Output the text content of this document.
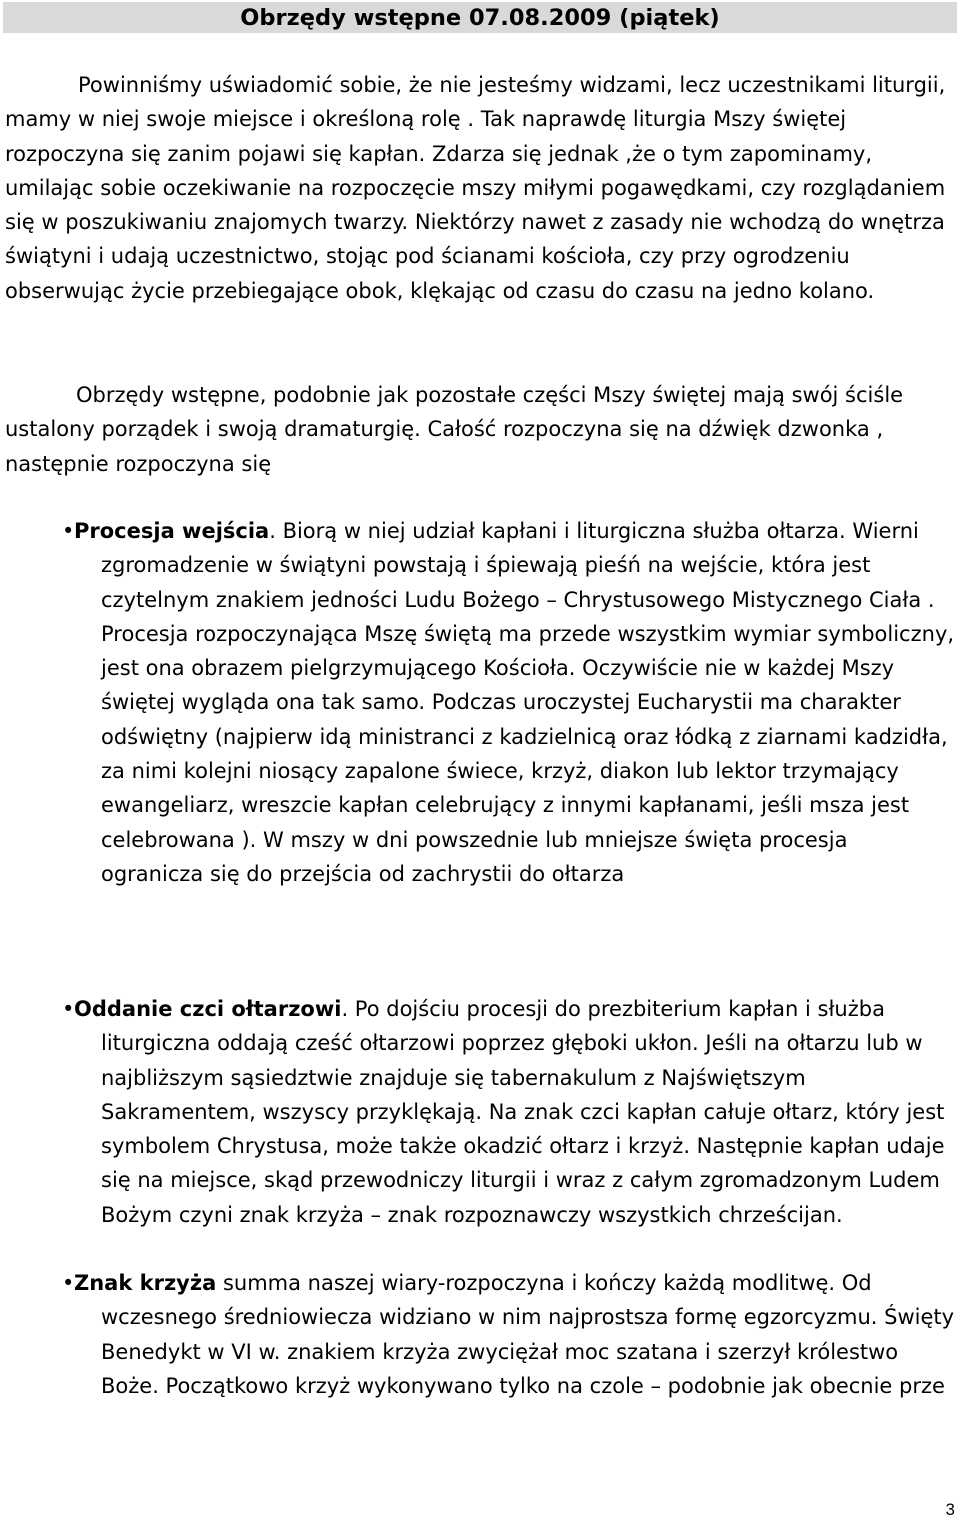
Obrzędy wstępne 07.08.2009 (piątek)

Powinniśmy uświadomić sobie, że nie jesteśmy widzami, lecz uczestnikami liturgii, mamy w niej swoje miejsce i określoną rolę . Tak naprawdę liturgia Mszy świętej rozpoczyna się zanim pojawi się kapłan. Zdarza się jednak ,że o tym zapominamy, umilając sobie oczekiwanie na rozpoczęcie mszy miłymi pogawędkami, czy rozglądaniem się w poszukiwaniu znajomych twarzy. Niektórzy nawet z zasady nie wchodzą do wnętrza świątyni i udają uczestnictwo, stojąc pod ścianami kościoła, czy przy ogrodzeniu obserwując życie przebiegające obok, klękając od czasu do czasu na jedno kolano.

Obrzędy wstępne, podobnie jak pozostałe części Mszy świętej mają swój ściśle ustalony porządek i swoją dramaturgię. Całość rozpoczyna się na dźwięk dzwonka , następnie rozpoczyna się

• Procesja wejścia. Biorą w niej udział kapłani i liturgiczna służba ołtarza. Wierni zgromadzenie w świątyni powstają i śpiewają pieśń na wejście, która jest czytelnym znakiem jedności Ludu Bożego – Chrystusowego Mistycznego Ciała . Procesja rozpoczynająca Mszę świętą ma przede wszystkim wymiar symboliczny, jest ona obrazem pielgrzymującego Kościoła. Oczywiście nie w każdej Mszy świętej wygląda ona tak samo. Podczas uroczystej Eucharystii ma charakter odświętny (najpierw idą ministranci z kadzielnicą oraz łódką z ziarnami kadzidła, za nimi kolejni niosący zapalone świece, krzyż, diakon lub lektor trzymający ewangeliarz, wreszcie kapłan celebrujący z innymi kapłanami, jeśli msza jest celebrowana ). W mszy w dni powszednie lub mniejsze święta procesja ogranicza się do przejścia od zachrystii do ołtarza

• Oddanie czci ołtarzowi. Po dojściu procesji do prezbiterium kapłan i służba liturgiczna oddają cześć ołtarzowi poprzez głęboki ukłon. Jeśli na ołtarzu lub w najbliższym sąsiedztwie znajduje się tabernakulum z Najświętszym Sakramentem, wszyscy przyklękają. Na znak czci kapłan całuje ołtarz, który jest symbolem Chrystusa, może także okadzić ołtarz i krzyż. Następnie kapłan udaje się na miejsce, skąd przewodniczy liturgii i wraz z całym zgromadzonym Ludem Bożym czyni znak krzyża – znak rozpoznawczy wszystkich chrześcijan.

• Znak krzyża summa naszej wiary-rozpoczyna i kończy każdą modlitwę. Od wczesnego średniowiecza widziano w nim najprostsza formę egzorcyzmu. Święty Benedykt w VI w. znakiem krzyża zwyciężał moc szatana i szerzył królestwo Boże. Początkowo krzyż wykonywano tylko na czole – podobnie jak obecnie prze

3
